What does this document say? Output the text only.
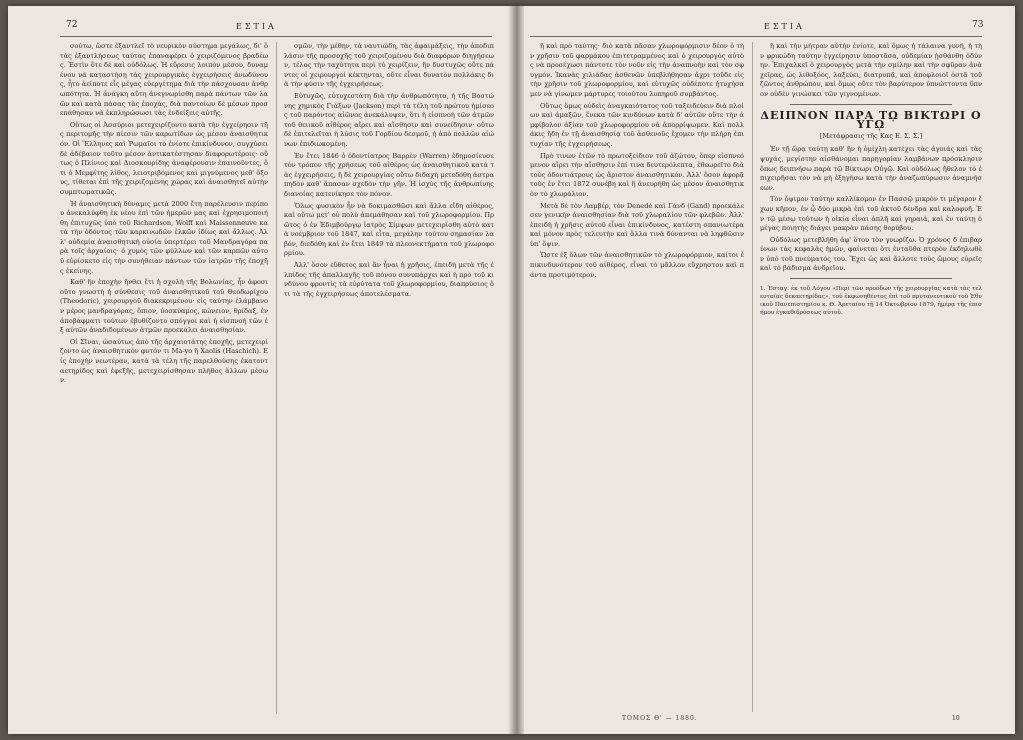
72	ΕΣΤΙΑ

σούτω, ὥστε ἐξαντλεῖ τὸ νευρικὸν σύστημα μεγάλως, δι' ὃ τὰς ἐξαντλήσεως ταύτας ἐπαναφέρει ὁ χειριζόμενος βραδέως. Ἐστὶν ὅτε δὲ καὶ οὐδόλως. Ἡ εὕρεσις λοιπὸν μέσου, δυναμένου νὰ καταστήσῃ τὰς χειρουργικὰς ἐγχειρήσεις ἀνωδύνους, ἦτο ἀείποτε εἷς μέγας εὐεργέτημα διὰ τὴν πάσχουσαν ἀνθρωπότητα. Ἡ ἀνάγκη αὕτη ἀνεγνωρίσθη παρὰ πάντων τῶν λαῶν καὶ κατὰ πάσας τὰς ἐποχάς, διὰ παντοίων δὲ μέσων προσεπάθησαν νὰ ἐκπληρώσωσι τὰς ἐνδείξεις αὐτῆς.

Οὕτως οἱ Ἀσσύριοι μετεχειρίζοντο κατὰ τὴν ἐγχείρησιν τῆς περιτομῆς τὴν πίεσιν τῶν καρωτίδων ὡς μέσον ἀναισθητικόν. Οἱ Ἕλληνες καὶ Ῥωμαῖοι τὸ ἐνίοτε ἐπικίνδυνον, συγχύσει δὲ ἀδέβαιον τοῦτο μέσον ἀντικατέστησαν διαφορωτέροις· οὕτως ὁ Πλίνιος καὶ Διοσκουρίδης ἀναφέρουσιν ἐπαινοῦντες, ὅτι ὁ Μεμφίτης λίθος, λειοτριβόμενος καὶ μιγνύμενος μεθ' ὄξους, τίθεται ἐπὶ τῆς χειριζομένης χώρας καὶ ἀναισθητεῖ αὐτὴν συμπτωματικῶς.

Ἡ ἀναισθητικὴ δύναμις μετὰ 2000 ἔτη παρέλευσιν περίπου ἀνεκαλύφθη ἐκ νέου ἐπὶ τῶν ἡμερῶν μας καὶ ἐχρησιμοποιήθη ἐπιτυχῶς ὑπὸ τοῦ Richardson, Wolff καὶ Maissonneuve κατὰ τὴν ὀδόντος τῶν καρκινωδῶν ἑλκῶν ἰδίως καὶ ἄλλως. Ἀλλ' οὐδεμία ἀναισθητικὴ οὐσία ὑπερτέρει τοῦ Μανδραγόρα παρὰ τοῖς ἀρχαίοις· ὁ χυμὸς τῶν φύλλων καὶ τῶν καρπῶν αὐτοῦ εὑρίσκετο εἰς τὴν συνήθειαν πάντων τῶν ἰατρῶν τῆς ἐποχῆς ἐκείνης.

Καθ' ἣν ἐποχὴν ἤνθει ἔτι ἡ σχολὴ τῆς Βολωνίας, ἦν ἀφοσιοῦτο γνωστὴ ἡ σύνθεσις τοῦ ἀναισθητικοῦ τοῦ Θεοδωρίχου (Theodoric), χειρουργοῦ διακεκριμένου· εἰς ταύτην ἐλάμβανον μέρος μανδραγόρας, ὄπιον, ὑοσκύαμος, κώνειον, θρίδαξ, ἐν ἀποβάφματι τούτων ἐβυθίζοντο σπόγγοι καὶ ἡ εἰσπνοὴ τῶν ἐξ αὐτῶν ἀναδιδομένων ἀτμῶν προεκάλει ἀναισθησίαν.

Οἱ Σῖναι, ὡσαύτως ἀπὸ τῆς ἀρχαιοτάτης ἐποχῆς, μετεχειρίζοντο ὡς ἀναισθητικὸν φυτόν τι Ma-yo ἢ Xaolis (Haschich). Εἰς ἐποχὴν νεωτέραν, κατὰ τὰ τέλη τῆς παρελθούσης ἑκατονταετηρίδος καὶ ἐφεξῆς, μετεχειρίσθησαν πλήθος ἄλλων μέσων.

σμῶν, τὴν μέθην, τὰ ναυτιώδη, τὰς ἀφαιμάξεις, τὴν ἀποδιπλάσιν τῆς προσοχῆς τοῦ χειριζομένου διὰ διαφόρων διηγήσεων, τέλος τὴν ταχύτητα περὶ τὸ χειρίζειν, ἣν δυστυχῶς οὔτε πάντες οἱ χειρουργοὶ κέκτηνται, οὔτε εἶναι δυνατὸν πολλάκις διὰ τὴν φύσιν τῆς ἐγχειρήσεως.

Εὐτυχῶς, εὐτυχεστάτη διὰ τὴν ἀνθρωπότητα, ἡ τῆς Βοστώνης χημικὸς Γιάξων (Jackson) περὶ τὰ τέλη τοῦ πρώτου ἡμίσεος τοῦ παρόντος αἰῶνος ἀνεκάλυψεν, ὅτι ἡ εἰσπνοὴ τῶν ἀτμῶν τοῦ θειικοῦ αἰθέρος αἴρει καὶ αἴσθησιν καὶ συνείδησιν· οὕτω δὲ ἐπιτελεῖται ἡ λύσις τοῦ Γορδίου δεσμοῦ, ἡ ἀπὸ πολλῶν αἰώνων ἐπιδιωκομένη.

Ἐν ἔτει 1846 ὁ ὀδοντίατρος Βαρρὲν (Warren) ἐδημοσίευσε τὸν τρόπον τῆς χρήσεως τοῦ αἰθέρος ὡς ἀναισθητικοῦ κατὰ τὰς ἐγχειρήσεις, ἢ δὲ χειρουργίας οὕτω διδαχὴ μετεδόθη ἀστραπηδὸν καθ' ἅπασαν σχεδὸν τὴν γῆν. Ἡ ἰσχὺς τῆς ἀνθρωπίνης διανοίας κατενίκησε τὸν πόνον.

Ὅλως φυσικὸν ἦν νὰ δοκιμασθῶσι καὶ ἄλλα εἴδη αἰθέρος, καὶ οὕτω μετ' οὐ πολὺ ἀπεμάθησαν καὶ τοῦ χλωροφορμίου. Πρῶτος ὁ ἐν Ἐδιμβούργῳ ἰατρὸς Σίμψων μετεχειρίσθη αὐτὸ κατὰ νοέμβριον τοῦ 1847, καὶ εἶτα, μεγάλην τούτου σημασίαν λαβόν, διεδόθη καὶ ἐν ἔτει 1849 τὰ πλεονεκτήματα τοῦ χλωροφορμίου.

Ἀλλ' ὅσον εὔθετος καὶ ἂν ἦναι ἡ χρῆσις, ἐπειδὴ μετὰ τῆς ἐλπίδος τῆς ἀπαλλαγῆς τοῦ πόνου συνυπάρχει καὶ ἡ πρὸ τοῦ κινδύνου φροντὶς τὰ εὐρύτατα τοῦ χλωροφορμίου, διαπρύσιος ὅτι τὰ τῆς ἐγχειρήσεως ἀποτελέσματα.

ΕΣΤΙΑ	73

ἢ καὶ πρὸ ταύτης· διὸ κατὰ πᾶσαν χλωροφόρμισιν δέον ὁ τὴν χρῆσιν τοῦ φαρμάκου ἐπιτετραμμένος καὶ ὁ χειρουργὸς αὐτὸς νὰ προσέχωσι πάντοτε τὸν νοῦν εἰς τὴν ἀναπνοὴν καὶ τὸν σφυγμόν. Ἱκανὰς χιλιάδας ἀσθενῶν ὑπεβλήθησαν ἄχρι τοῦδε εἰς τὴν χρῆσιν τοῦ χλωροφορμίου, καὶ εὐτυχῶς οὐδέποτε ἠτυχήσαμεν νὰ γίνωμεν μάρτυρες τοιούτου λυπηροῦ συμβάντος.

Οὕτως ὅμως οὐδεὶς ἀναγκαιότατος τοῦ ταξειδεύειν διὰ πλοίων καὶ ἁμαξῶν, ἕνεκα τῶν κινδύνων κατὰ δ' αὐτῶν οὔτε τὴν ἀμφίβολον ἀξίαν τοῦ χλωροφορμίου νὰ ἀπορρίψωμεν. Καὶ πολλάκις ἤδη ἐν τῇ ἀναισθησίᾳ τοῦ ἀσθενοῦς ἔχομεν τὴν πλήρη ἐπιτυχίαν τῆς ἐγχειρήσεως.

Πρὸ τινων ἐτῶν τὸ πρωτοξείδιον τοῦ ἀζώτου, ὅπερ εἰσπνεόμενον αἴρει τὴν αἴσθησιν ἐπί τινα δευτερόλεπτα, ἐθεωρεῖτο διὰ τοὺς ὀδοντιάτρους ὡς ἄριστον ἀναισθητικόν. Ἀλλ' ὅσον ἀφορᾷ τοὺς ἐν ἔτει 1872 συνέβη καὶ ἢ ἀνευρήθη ὡς μέσον ἀναισθητικὸν τὸ χλωράλιον.

Μετὰ δὲ τὸν Λαμβέρ, τὸν Denedé καὶ Γάνδ (Gand) προεκάλεσεν γενικὴν ἀναισθησίαν διὰ τοῦ χλωραλίου τῶν φλεβῶν. Ἀλλ' ἐπειδὴ ἡ χρῆσις αὐτοῦ εἶναι ἐπικίνδυνος, κατέστη σπανιωτέρα καὶ μόνον πρὸς τελευτὴν καὶ ἄλλα τινὰ δύνανται νὰ ληφθῶσιν ὑπ' ὄψιν.

Ὥστε ἐξ ὅλων τῶν ἀναισθητικῶν τὸ χλωροφόρμιον, καίτοι ἐπικινδυνότερον τοῦ αἰθέρος, εἶναι τὸ μᾶλλον εὔχρηστον καὶ πάντα προτιμότερον.

ἢ καὶ τὴν μήτραν αὐτὴν ἐνίοτε, καὶ ὅμως ἡ τάλαινα γυνή, ἡ τὴν φρικώδη ταύτην ἐγχείρησιν ὑποστᾶσα, οὐδεμίαν ᾐσθάνθη ὀδύνην. Ἐπιχαλκεῖ ὁ χειρουργὸς μετὰ τὴν σμίλην καὶ τὴν σφῦραν ἀνὰ χεῖρας, ὡς λιθοξόος, λαξεύει, διατρυπᾷ, καὶ ἀποφλοιοῖ ὀστᾶ τοῦ ζῶντος ἀνθρώπου, καὶ ὅμως οὔτε τὸν βαρύτερον ὑπνώττοντα ὕπνον οὐδὲν γινώσκει τῶν γιγνομένων.

ΔΕΙΠΝΟΝ ΠΑΡΑ Τῼ ΒΙΚΤΩΡΙ ΟΥΓῼ
[Μετάφρασις τῆς Κας Ε. Σ. Σ.]

Ἐν τῇ ὥρᾳ ταύτῃ καθ' ἣν ἡ ὀμίχλη κατέχει τὰς ἀγυιάς καὶ τὰς ψυχάς, μεγίστην αἰσθάνομαι παρηγορίαν λαμβάνων πρόσκλησιν ὅπως δειπνήσω παρὰ τῷ Βίκτωρι Οὐγῷ. Καὶ οὐδόλως ἤθελον τὸ ἐπιχειρῆσαι τὸν νὰ μὴ ἐξηγήσω κατὰ τὴν ἀναζωπύρωσιν ἀναμνήσεων.

Τὸν ὄψιμον ταύτην καλλίκομον ἐν Πασσῷ μικρὸν τι μέγαρον ἔχων κῆπον, ἐν ᾧ δύο μικρὰ ἐπὶ τοῦ ἀκτοῦ δένδρα καὶ καλοφυῆ. Ἐν τῷ μέσῳ τούτων ἡ οἰκία εἶναι ἁπλῆ καὶ γηραιά, καὶ ἐν ταύτῃ ὁ μέγας ποιητὴς διάγει μακρὰν πάσης θορύβου.

Οὐδόλως μετεβλήθη ἀφ' ὅτου τὸν γνωρίζω. Ὁ χρόνος δ ἐπιβαρύνων τὰς κεφαλὰς ἡμῶν, φαίνεται ὅτι ἐνταῦθα πτερὸν ἐκδηλωθὲν ὑπὸ τοῦ πνεύματός του. Ἔχει ὡς καὶ ἄλλοτε τοὺς ὤμους εὐρεῖς καὶ τὸ βάδισμα ἀνδρεῖον.

1. Ἐσταγ. ἐκ τοῦ Λόγου «Περὶ τῶν προόδων τῆς χειρουργίας κατὰ τὰς τελευταίας δεκαετηρίδας», τοῦ ἐκφωνηθέντος ἐπὶ τοῦ πρυτανευτικοῦ τοῦ Ἐθνικοῦ Πανεπιστημίου κ. Θ. Ἀρεταίου τῇ 14 Ὀκτωβρίου 1879, ἡμέρᾳ τῆς ἐπισήμου ἐγκαθιδρύσεως αὐτοῦ.
ΤΟΜΟΣ Θ' — 1880.	10
